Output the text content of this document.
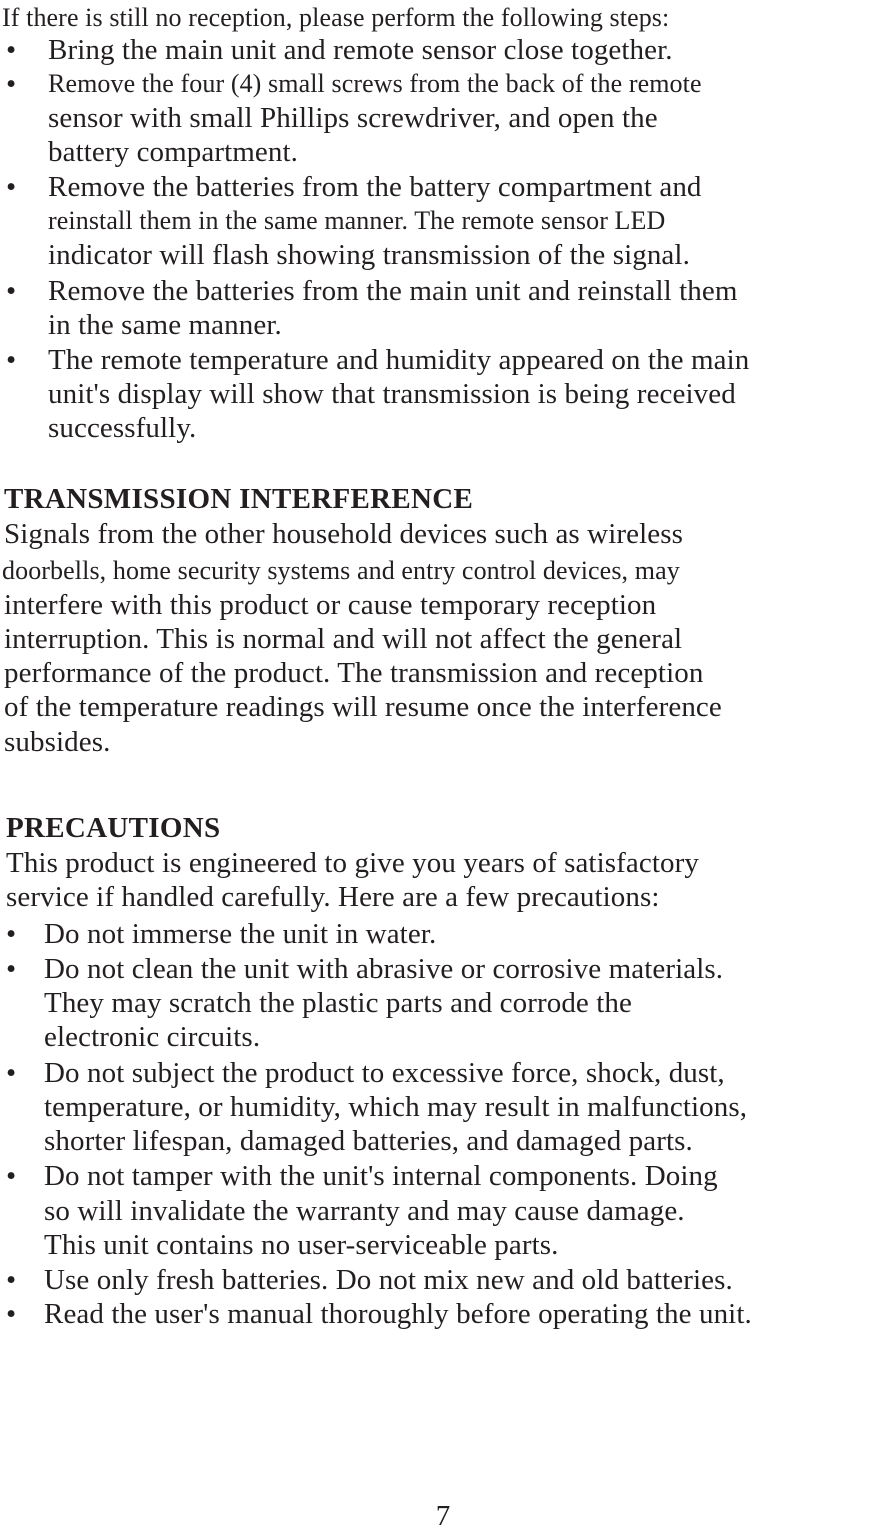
If there is still no reception, please perform the following steps:
• Bring the main unit and remote sensor close together.
• Remove the four (4) small screws from the back of the remote
sensor with small Phillips screwdriver, and open the
battery compartment.
• Remove the batteries from the battery compartment and
reinstall them in the same manner. The remote sensor LED
indicator will flash showing transmission of the signal.
• Remove the batteries from the main unit and reinstall them
in the same manner.
• The remote temperature and humidity appeared on the main
unit's display will show that transmission is being received
successfully.
TRANSMISSION INTERFERENCE
Signals from the other household devices such as wireless
doorbells, home security systems and entry control devices, may
interfere with this product or cause temporary reception
interruption. This is normal and will not affect the general
performance of the product. The transmission and reception
of the temperature readings will resume once the interference
subsides.
PRECAUTIONS
This product is engineered to give you years of satisfactory
service if handled carefully. Here are a few precautions:
• Do not immerse the unit in water.
• Do not clean the unit with abrasive or corrosive materials.
They may scratch the plastic parts and corrode the
electronic circuits.
• Do not subject the product to excessive force, shock, dust,
temperature, or humidity, which may result in malfunctions,
shorter lifespan, damaged batteries, and damaged parts.
• Do not tamper with the unit's internal components. Doing
so will invalidate the warranty and may cause damage.
This unit contains no user-serviceable parts.
• Use only fresh batteries. Do not mix new and old batteries.
• Read the user's manual thoroughly before operating the unit.
7
